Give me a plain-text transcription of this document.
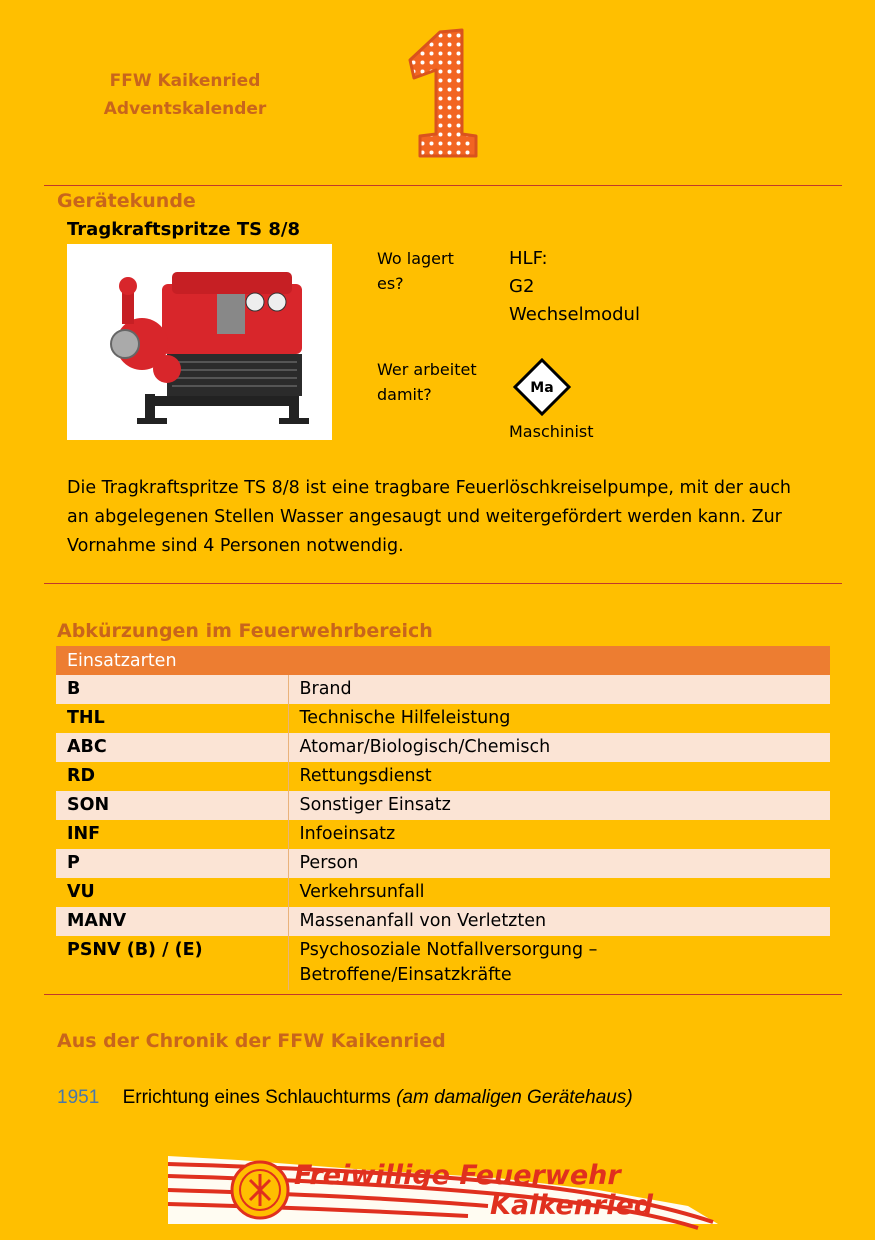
FFW Kaikenried
Adventskalender
1
Gerätekunde
Tragkraftspritze TS 8/8
Wo lagert
es?
HLF:
G2
Wechselmodul
Wer arbeitet
damit?	Ma
Maschinist
Die Tragkraftspritze TS 8/8 ist eine tragbare Feuerlöschkreiselpumpe, mit der auch an abgelegenen Stellen Wasser angesaugt und weitergefördert werden kann. Zur Vornahme sind 4 Personen notwendig.
Abkürzungen im Feuerwehrbereich
Einsatzarten	
B	Brand
THL	Technische Hilfeleistung
ABC	Atomar/Biologisch/Chemisch
RD	Rettungsdienst
SON	Sonstiger Einsatz
INF	Infoeinsatz
P	Person
VU	Verkehrsunfall
MANV	Massenanfall von Verletzten
PSNV (B) / (E)	Psychosoziale Notfallversorgung –
Betroffene/Einsatzkräfte
Aus der Chronik der FFW Kaikenried
1951 Errichtung eines Schlauchturms (am damaligen Gerätehaus)
Freiwillige Feuerwehr
Kaikenried
